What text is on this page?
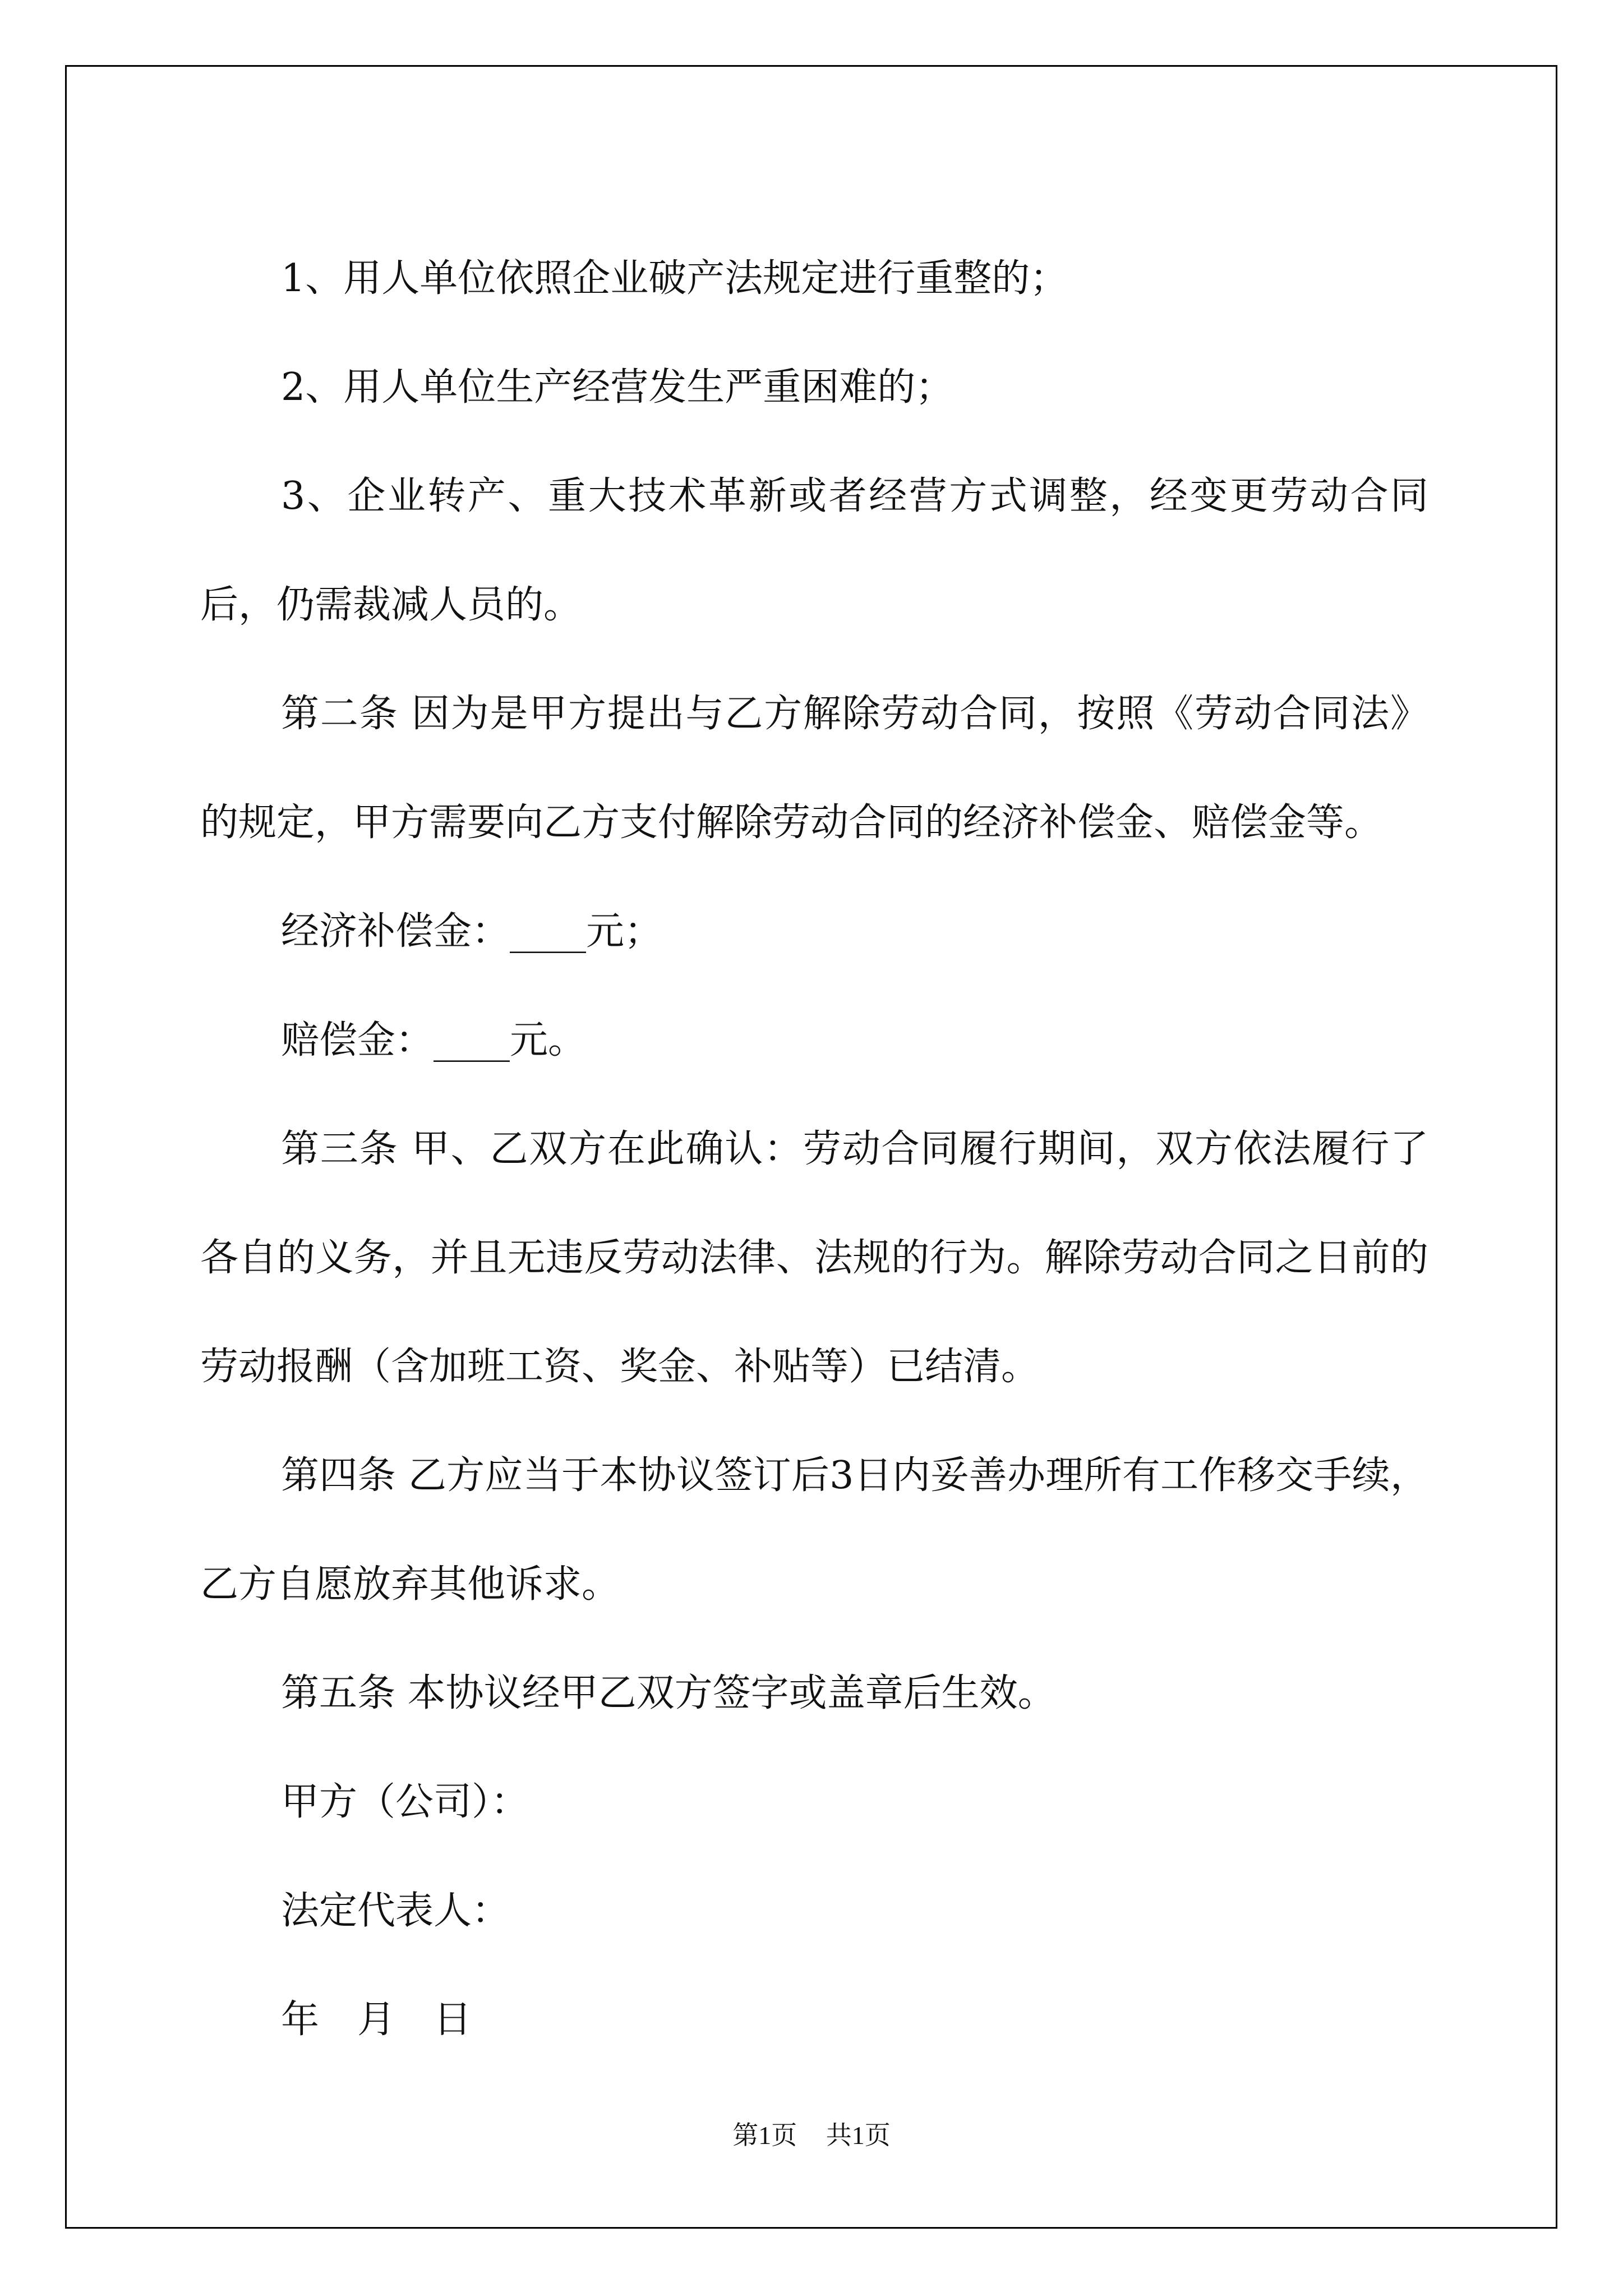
1、用人单位依照企业破产法规定进行重整的；

2、用人单位生产经营发生严重困难的；

3、企业转产、重大技术革新或者经营方式调整，经变更劳动合同后，仍需裁减人员的。

第二条 因为是甲方提出与乙方解除劳动合同，按照《劳动合同法》的规定，甲方需要向乙方支付解除劳动合同的经济补偿金、赔偿金等。

经济补偿金：____元；

赔偿金：____元。

第三条 甲、乙双方在此确认：劳动合同履行期间，双方依法履行了各自的义务，并且无违反劳动法律、法规的行为。解除劳动合同之日前的劳动报酬（含加班工资、奖金、补贴等）已结清。

第四条 乙方应当于本协议签订后3日内妥善办理所有工作移交手续，乙方自愿放弃其他诉求。

第五条 本协议经甲乙双方签字或盖章后生效。

甲方（公司）：

法定代表人：

年　月　日

第1页 共1页
